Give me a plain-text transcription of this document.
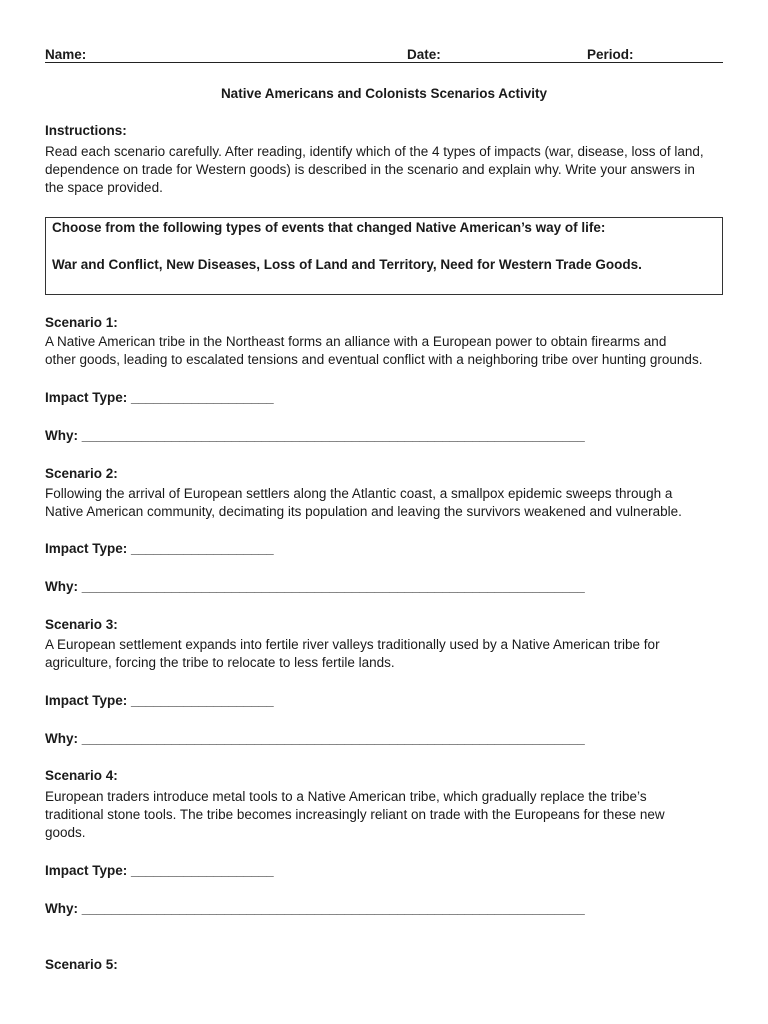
Name:	Date:	Period:
Native Americans and Colonists Scenarios Activity
Instructions:
Read each scenario carefully. After reading, identify which of the 4 types of impacts (war, disease, loss of land,
dependence on trade for Western goods) is described in the scenario and explain why. Write your answers in
the space provided.
Choose from the following types of events that changed Native American’s way of life:
War and Conflict, New Diseases, Loss of Land and Territory, Need for Western Trade Goods.
Scenario 1:
A Native American tribe in the Northeast forms an alliance with a European power to obtain firearms and
other goods, leading to escalated tensions and eventual conflict with a neighboring tribe over hunting grounds.
Impact Type: ___________________
Why: ___________________________________________________________________
Scenario 2:
Following the arrival of European settlers along the Atlantic coast, a smallpox epidemic sweeps through a
Native American community, decimating its population and leaving the survivors weakened and vulnerable.
Impact Type: ___________________
Why: ___________________________________________________________________
Scenario 3:
A European settlement expands into fertile river valleys traditionally used by a Native American tribe for
agriculture, forcing the tribe to relocate to less fertile lands.
Impact Type: ___________________
Why: ___________________________________________________________________
Scenario 4:
European traders introduce metal tools to a Native American tribe, which gradually replace the tribe’s
traditional stone tools. The tribe becomes increasingly reliant on trade with the Europeans for these new
goods.
Impact Type: ___________________
Why: ___________________________________________________________________
Scenario 5:
